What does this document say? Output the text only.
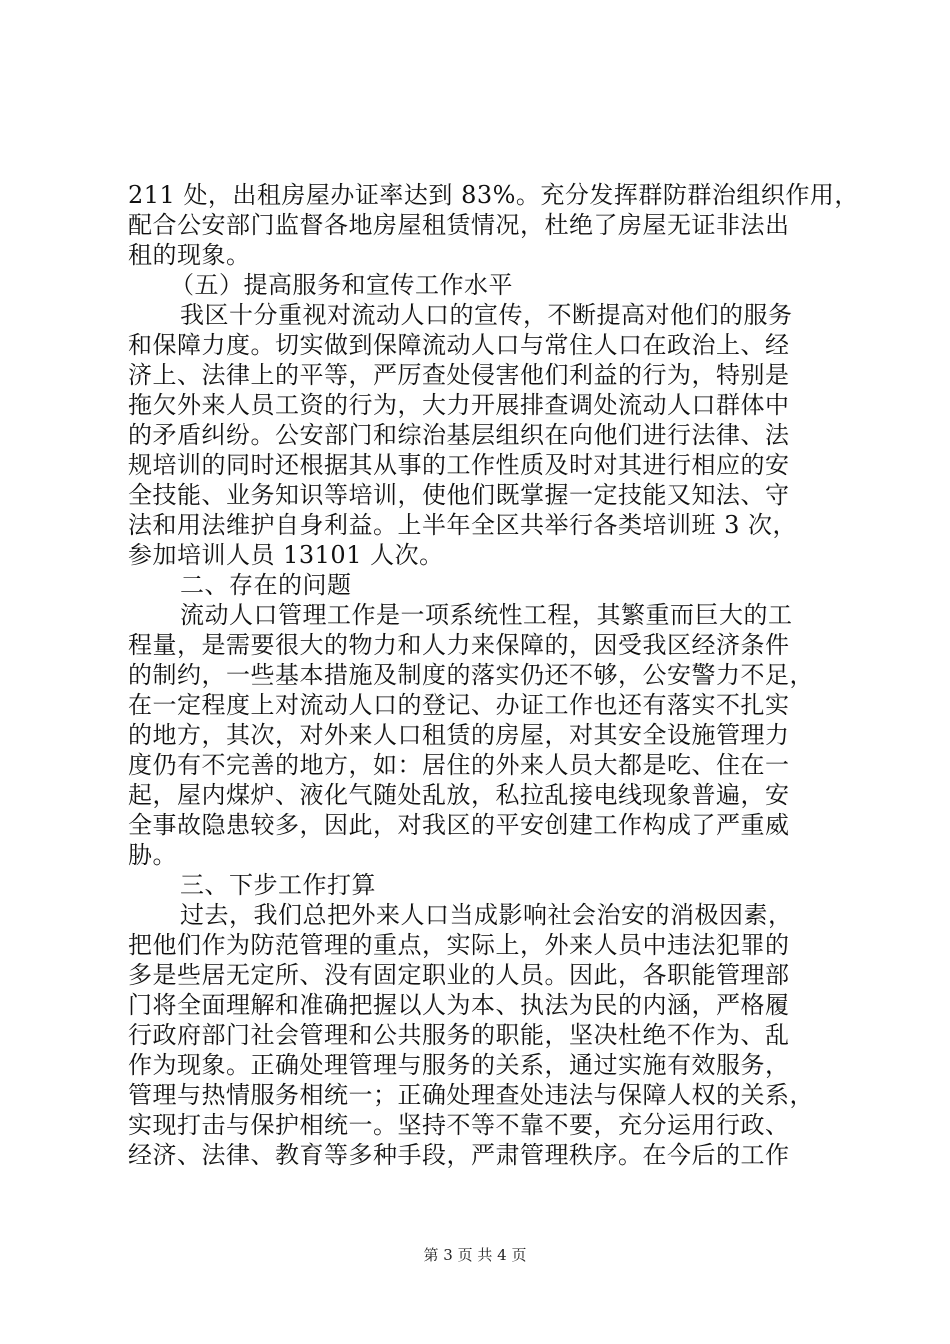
211 处，出租房屋办证率达到 83%。充分发挥群防群治组织作用，
配合公安部门监督各地房屋租赁情况，杜绝了房屋无证非法出
租的现象。
（五）提高服务和宣传工作水平
我区十分重视对流动人口的宣传，不断提高对他们的服务
和保障力度。切实做到保障流动人口与常住人口在政治上、经
济上、法律上的平等，严厉查处侵害他们利益的行为，特别是
拖欠外来人员工资的行为，大力开展排查调处流动人口群体中
的矛盾纠纷。公安部门和综治基层组织在向他们进行法律、法
规培训的同时还根据其从事的工作性质及时对其进行相应的安
全技能、业务知识等培训，使他们既掌握一定技能又知法、守
法和用法维护自身利益。上半年全区共举行各类培训班 3 次，
参加培训人员 13101 人次。
二、存在的问题
流动人口管理工作是一项系统性工程，其繁重而巨大的工
程量，是需要很大的物力和人力来保障的，因受我区经济条件
的制约，一些基本措施及制度的落实仍还不够，公安警力不足，
在一定程度上对流动人口的登记、办证工作也还有落实不扎实
的地方，其次，对外来人口租赁的房屋，对其安全设施管理力
度仍有不完善的地方，如：居住的外来人员大都是吃、住在一
起，屋内煤炉、液化气随处乱放，私拉乱接电线现象普遍，安
全事故隐患较多，因此，对我区的平安创建工作构成了严重威
胁。
三、下步工作打算
过去，我们总把外来人口当成影响社会治安的消极因素，
把他们作为防范管理的重点，实际上，外来人员中违法犯罪的
多是些居无定所、没有固定职业的人员。因此，各职能管理部
门将全面理解和准确把握以人为本、执法为民的内涵，严格履
行政府部门社会管理和公共服务的职能，坚决杜绝不作为、乱
作为现象。正确处理管理与服务的关系，通过实施有效服务，
管理与热情服务相统一；正确处理查处违法与保障人权的关系，
实现打击与保护相统一。坚持不等不靠不要，充分运用行政、
经济、法律、教育等多种手段，严肃管理秩序。在今后的工作
第 3 页 共 4 页
